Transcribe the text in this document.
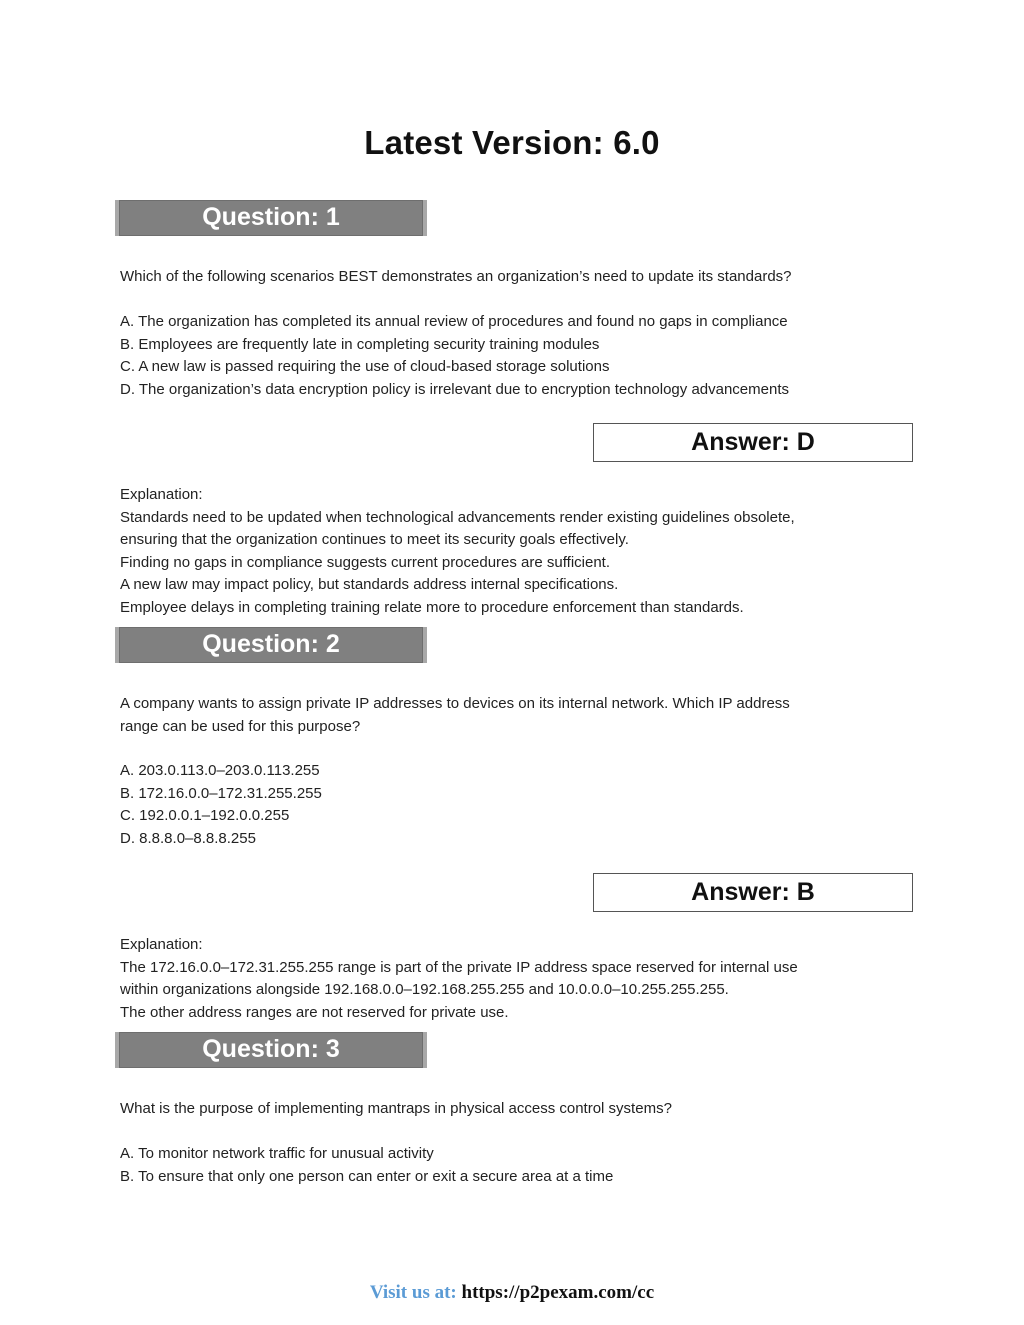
Latest Version: 6.0
Question: 1

Which of the following scenarios BEST demonstrates an organization’s need to update its standards?

A. The organization has completed its annual review of procedures and found no gaps in compliance

B. Employees are frequently late in completing security training modules

C. A new law is passed requiring the use of cloud-based storage solutions

D. The organization’s data encryption policy is irrelevant due to encryption technology advancements

Answer: D

Explanation:

Standards need to be updated when technological advancements render existing guidelines obsolete,

ensuring that the organization continues to meet its security goals effectively.

Finding no gaps in compliance suggests current procedures are sufficient.

A new law may impact policy, but standards address internal specifications.

Employee delays in completing training relate more to procedure enforcement than standards.

Question: 2

A company wants to assign private IP addresses to devices on its internal network. Which IP address

range can be used for this purpose?

A. 203.0.113.0–203.0.113.255

B. 172.16.0.0–172.31.255.255

C. 192.0.0.1–192.0.0.255

D. 8.8.8.0–8.8.8.255

Answer: B

Explanation:

The 172.16.0.0–172.31.255.255 range is part of the private IP address space reserved for internal use

within organizations alongside 192.168.0.0–192.168.255.255 and 10.0.0.0–10.255.255.255.

The other address ranges are not reserved for private use.

Question: 3

What is the purpose of implementing mantraps in physical access control systems?

A. To monitor network traffic for unusual activity

B. To ensure that only one person can enter or exit a secure area at a time

Visit us at: https://p2pexam.com/cc
